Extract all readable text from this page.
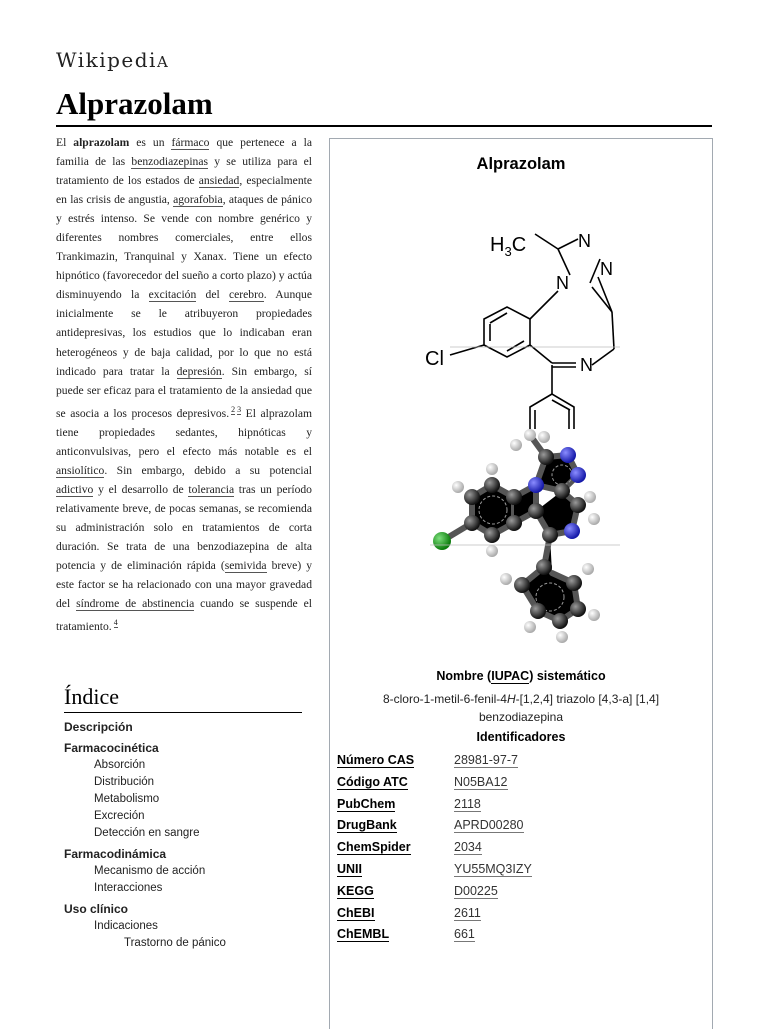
WikipediA
Alprazolam
El alprazolam es un fármaco que pertenece a la familia de las benzodiazepinas y se utiliza para el tratamiento de los estados de ansiedad, especialmente en las crisis de angustia, agorafobia, ataques de pánico y estrés intenso. Se vende con nombre genérico y diferentes nombres comerciales, entre ellos Trankimazin, Tranquinal y Xanax. Tiene un efecto hipnótico (favorecedor del sueño a corto plazo) y actúa disminuyendo la excitación del cerebro. Aunque inicialmente se le atribuyeron propiedades antidepresivas, los estudios que lo indicaban eran heterogéneos y de baja calidad, por lo que no está indicado para tratar la depresión. Sin embargo, sí puede ser eficaz para el tratamiento de la ansiedad que se asocia a los procesos depresivos. $^2$ $^3$ El alprazolam tiene propiedades sedantes, hipnóticas y anticonvulsivas, pero el efecto más notable es el ansiolítico. Sin embargo, debido a su potencial adictivo y el desarrollo de tolerancia tras un período relativamente breve, de pocas semanas, se recomienda su administración solo en tratamientos de corta duración. Se trata de una benzodiazepina de alta potencia y de eliminación rápida (semivida breve) y este factor se ha relacionado con una mayor gravedad del síndrome de abstinencia cuando se suspende el tratamiento. $^4$
Índice
Descripción
Farmacocinética
Absorción
Distribución
Metabolismo
Excreción
Detección en sangre
Farmacodinámica
Mecanismo de acción
Interacciones
Uso clínico
Indicaciones
Trastorno de pánico
Alprazolam
$H_3C$	N
N
N
N
Cl
Nombre (IUPAC) sistemático
8-cloro-1-metil-6-fenil-4H-[1,2,4] triazolo [4,3-a] [1,4] benzodiazepina
Identificadores
Número CAS	28981-97-7
Código ATC	N05BA12
PubChem	2118
DrugBank	APRD00280
ChemSpider	2034
UNII	YU55MQ3IZY
KEGG	D00225
ChEBI	2611
ChEMBL	661
